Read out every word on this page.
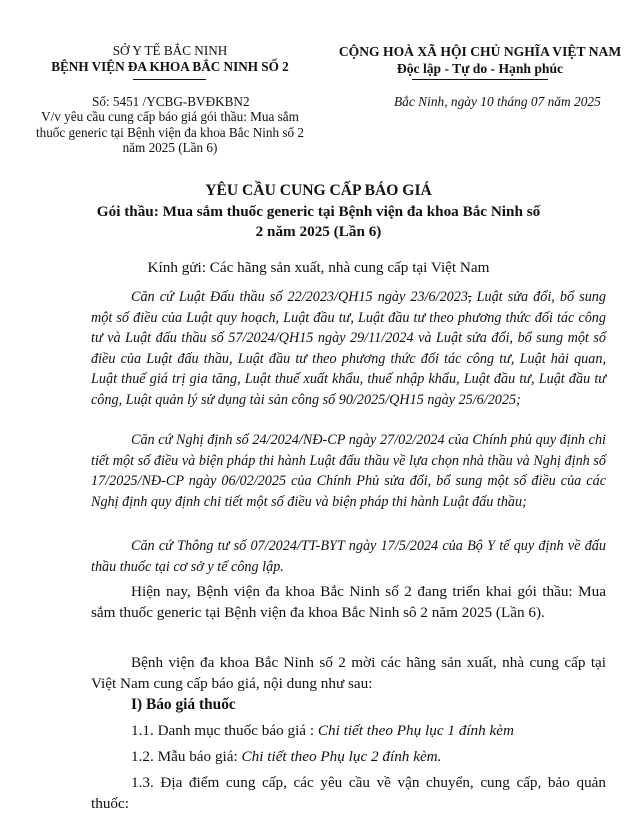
SỞ Y TẾ BẮC NINH
BỆNH VIỆN ĐA KHOA BẮC NINH SỐ 2
Số: 5451 /YCBG-BVĐKBN2
V/v yêu cầu cung cấp báo giá gói thầu: Mua sắm thuốc generic tại Bệnh viện đa khoa Bắc Ninh số 2 năm 2025 (Lần 6)
CỘNG HOÀ XÃ HỘI CHỦ NGHĨA VIỆT NAM
Độc lập - Tự do - Hạnh phúc
Bắc Ninh, ngày 10 tháng 07 năm 2025
YÊU CẦU CUNG CẤP BÁO GIÁ
Gói thầu: Mua sắm thuốc generic tại Bệnh viện đa khoa Bắc Ninh số 2 năm 2025 (Lần 6)
Kính gửi: Các hãng sản xuất, nhà cung cấp tại Việt Nam
Căn cứ Luật Đấu thầu số 22/2023/QH15 ngày 23/6/2023, Luật sửa đổi, bổ sung một số điều của Luật quy hoạch, Luật đầu tư, Luật đầu tư theo phương thức đối tác công tư và Luật đấu thầu số 57/2024/QH15 ngày 29/11/2024 và Luật sửa đổi, bổ sung một số điều của Luật đấu thầu, Luật đầu tư theo phương thức đối tác công tư, Luật hải quan, Luật thuế giá trị gia tăng, Luật thuế xuất khẩu, thuế nhập khẩu, Luật đầu tư, Luật đầu tư công, Luật quản lý sử dụng tài sản công số 90/2025/QH15 ngày 25/6/2025;
Căn cứ Nghị định số 24/2024/NĐ-CP ngày 27/02/2024 của Chính phủ quy định chi tiết một số điều và biện pháp thi hành Luật đấu thầu về lựa chọn nhà thầu và Nghị định số 17/2025/NĐ-CP ngày 06/02/2025 của Chính Phủ sửa đổi, bổ sung một số điều của các Nghị định quy định chi tiết một số điều và biện pháp thi hành Luật đấu thầu;
Căn cứ Thông tư số 07/2024/TT-BYT ngày 17/5/2024 của Bộ Y tế quy định về đấu thầu thuốc tại cơ sở y tế công lập.
Hiện nay, Bệnh viện đa khoa Bắc Ninh số 2 đang triển khai gói thầu: Mua sắm thuốc generic tại Bệnh viện đa khoa Bắc Ninh sô 2 năm 2025 (Lần 6).
Bệnh viện đa khoa Bắc Ninh số 2 mời các hãng sản xuất, nhà cung cấp tại Việt Nam cung cấp báo giá, nội dung như sau:
I) Báo giá thuốc
1.1. Danh mục thuốc báo giá : Chi tiết theo Phụ lục 1 đính kèm
1.2. Mẫu báo giá: Chi tiết theo Phụ lục 2 đính kèm.
1.3. Địa điểm cung cấp, các yêu cầu về vận chuyển, cung cấp, bảo quản thuốc:
